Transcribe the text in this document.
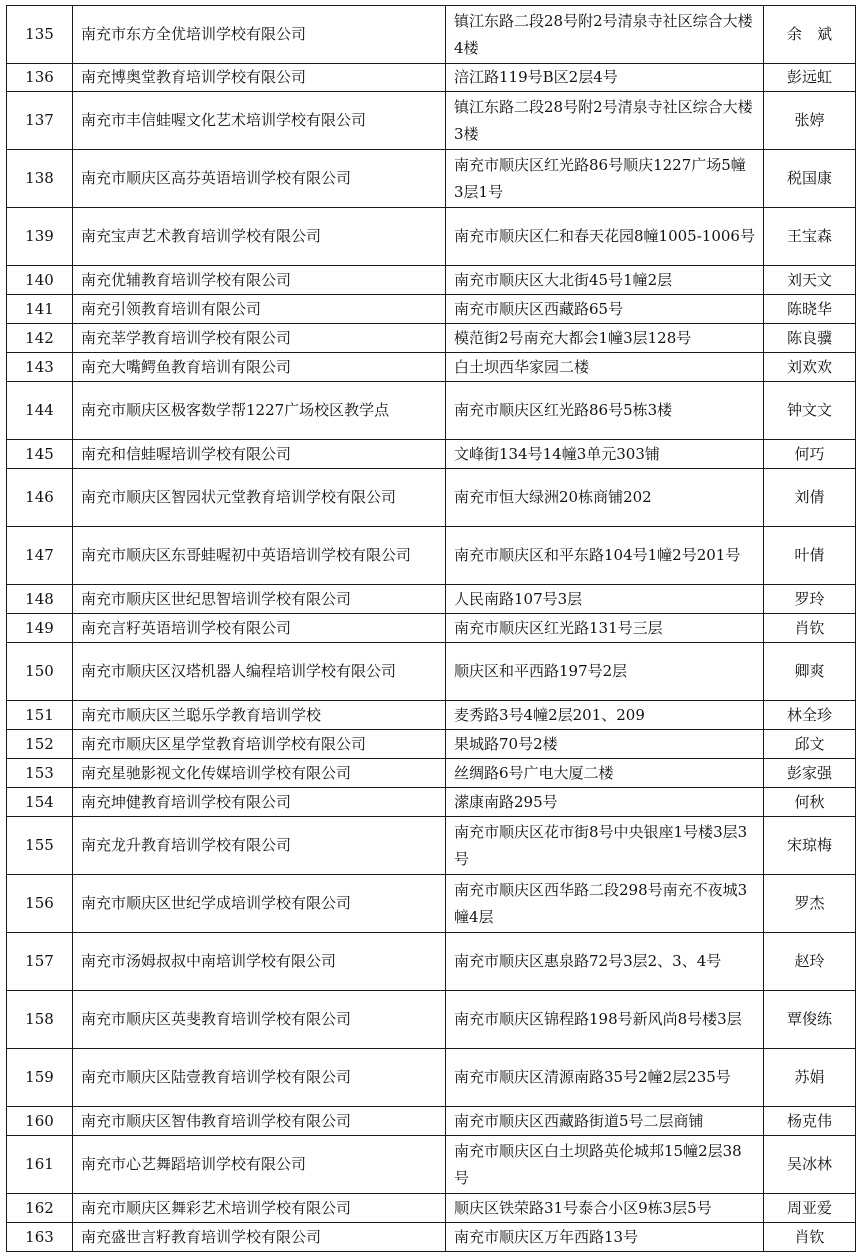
135	南充市东方全优培训学校有限公司	镇江东路二段28号附2号清泉寺社区综合大楼4楼	余　斌
136	南充博奥堂教育培训学校有限公司	涪江路119号B区2层4号	彭远虹
137	南充市丰信蛙喔文化艺术培训学校有限公司	镇江东路二段28号附2号清泉寺社区综合大楼3楼	张婷
138	南充市顺庆区高芬英语培训学校有限公司	南充市顺庆区红光路86号顺庆1227广场5幢3层1号	税国康
139	南充宝声艺术教育培训学校有限公司	南充市顺庆区仁和春天花园8幢1005-1006号	王宝森
140	南充优辅教育培训学校有限公司	南充市顺庆区大北街45号1幢2层	刘天文
141	南充引领教育培训有限公司	南充市顺庆区西藏路65号	陈晓华
142	南充莘学教育培训学校有限公司	模范街2号南充大都会1幢3层128号	陈良骥
143	南充大嘴鳄鱼教育培训有限公司	白土坝西华家园二楼	刘欢欢
144	南充市顺庆区极客数学帮1227广场校区教学点	南充市顺庆区红光路86号5栋3楼	钟文文
145	南充和信蛙喔培训学校有限公司	文峰街134号14幢3单元303铺	何巧
146	南充市顺庆区智园状元堂教育培训学校有限公司	南充市恒大绿洲20栋商铺202	刘倩
147	南充市顺庆区东哥蛙喔初中英语培训学校有限公司	南充市顺庆区和平东路104号1幢2号201号	叶倩
148	南充市顺庆区世纪思智培训学校有限公司	人民南路107号3层	罗玲
149	南充言籽英语培训学校有限公司	南充市顺庆区红光路131号三层	肖钦
150	南充市顺庆区汉塔机器人编程培训学校有限公司	顺庆区和平西路197号2层	卿爽
151	南充市顺庆区兰聪乐学教育培训学校	麦秀路3号4幢2层201、209	林全珍
152	南充市顺庆区星学堂教育培训学校有限公司	果城路70号2楼	邱文
153	南充星驰影视文化传媒培训学校有限公司	丝绸路6号广电大厦二楼	彭家强
154	南充坤健教育培训学校有限公司	潆康南路295号	何秋
155	南充龙升教育培训学校有限公司	南充市顺庆区花市街8号中央银座1号楼3层3号	宋琼梅
156	南充市顺庆区世纪学成培训学校有限公司	南充市顺庆区西华路二段298号南充不夜城3幢4层	罗杰
157	南充市汤姆叔叔中南培训学校有限公司	南充市顺庆区惠泉路72号3层2、3、4号	赵玲
158	南充市顺庆区英斐教育培训学校有限公司	南充市顺庆区锦程路198号新风尚8号楼3层	覃俊练
159	南充市顺庆区陆壹教育培训学校有限公司	南充市顺庆区清源南路35号2幢2层235号	苏娟
160	南充市顺庆区智伟教育培训学校有限公司	南充市顺庆区西藏路街道5号二层商铺	杨克伟
161	南充市心艺舞蹈培训学校有限公司	南充市顺庆区白土坝路英伦城邦15幢2层38号	吴冰林
162	南充市顺庆区舞彩艺术培训学校有限公司	顺庆区铁荣路31号泰合小区9栋3层5号	周亚爱
163	南充盛世言籽教育培训学校有限公司	南充市顺庆区万年西路13号	肖钦
